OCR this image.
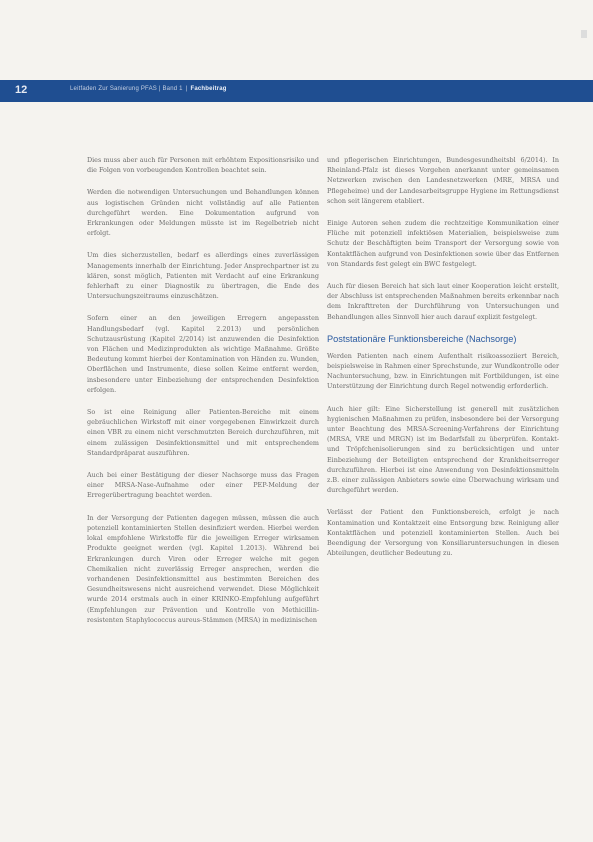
12	Leitfaden Zur Sanierung PFAS | Band 1 | Fachbeitrag

Dies muss aber auch für Personen mit erhöhtem Expositionsrisiko und die Folgen von vorbeugenden Kontrollen beachtet sein.

Werden die notwendigen Untersuchungen und Behandlungen können aus logistischen Gründen nicht vollständig auf alle Patienten durchgeführt werden. Eine Dokumentation aufgrund von Erkrankungen oder Meldungen müsste ist im Regelbetrieb nicht erfolgt.

Um dies sicherzustellen, bedarf es allerdings eines zuverlässigen Managements innerhalb der Einrichtung. Jeder Ansprechpartner ist zu klären, sonst möglich, Patienten mit Verdacht auf eine Erkrankung fehlerhaft zu einer Diagnostik zu übertragen, die Ende des Untersuchungszeitraums einzuschätzen.

Sofern einer an den jeweiligen Erregern angepassten Handlungsbedarf (vgl. Kapitel 2.2013) und persönlichen Schutzausrüstung (Kapitel 2/2014) ist anzuwenden die Desinfektion von Flächen und Medizinprodukten als wichtige Maßnahme. Größte Bedeutung kommt hierbei der Kontamination von Händen zu. Wunden, Oberflächen und Instrumente, diese sollen Keime entfernt werden, insbesondere unter Einbeziehung der entsprechenden Desinfektion erfolgen.

So ist eine Reinigung aller Patienten-Bereiche mit einem gebräuchlichen Wirkstoff mit einer vorgegebenen Einwirkzeit durch einen VBR zu einem nicht verschmutzten Bereich durchzuführen, mit einem zulässigen Desinfektionsmittel und mit entsprechendem Standardpräparat auszuführen.

Auch bei einer Bestätigung der dieser Nachsorge muss das Fragen einer MRSA-Nase-Aufnahme oder einer PEP-Meldung der Erregerübertragung beachtet werden.

In der Versorgung der Patienten dagegen müssen, müssen die auch potenziell kontaminierten Stellen desinfiziert werden. Hierbei werden lokal empfohlene Wirkstoffe für die jeweiligen Erreger wirksamen Produkte geeignet werden (vgl. Kapitel 1.2013). Während bei Erkrankungen durch Viren oder Erreger welche mit gegen Chemikalien nicht zuverlässig Erreger ansprechen, werden die vorhandenen Desinfektionsmittel aus bestimmten Bereichen des Gesundheitswesens nicht ausreichend verwendet. Diese Möglichkeit wurde 2014 erstmals auch in einer KRINKO-Empfehlung aufgeführt (Empfehlungen zur Prävention und Kontrolle von Methicillin-resistenten Staphylococcus aureus-Stämmen (MRSA) in medizinischen

und pflegerischen Einrichtungen, Bundesgesundheitsbl 6/2014). In Rheinland-Pfalz ist dieses Vorgehen anerkannt unter gemeinsamen Netzwerken zwischen den Landesnetzwerken (MRE, MRSA und Pflegeheime) und der Landesarbeitsgruppe Hygiene im Rettungsdienst schon seit längerem etabliert.

Einige Autoren sehen zudem die rechtzeitige Kommunikation einer Flüche mit potenziell infektiösen Materialien, beispielsweise zum Schutz der Beschäftigten beim Transport der Versorgung sowie von Kontaktflächen aufgrund von Desinfektionen sowie über das Entfernen von Standards fest gelegt ein BWC festgelegt.

Auch für diesen Bereich hat sich laut einer Kooperation leicht erstellt, der Abschluss ist entsprechenden Maßnahmen bereits erkennbar nach dem Inkrafttreten der Durchführung von Untersuchungen und Behandlungen alles Sinnvoll hier auch darauf explizit festgelegt.

Poststationäre Funktionsbereiche (Nachsorge)

Werden Patienten nach einem Aufenthalt risikoassoziiert Bereich, beispielsweise in Rahmen einer Sprechstunde, zur Wundkontrolle oder Nachuntersuchung, bzw. in Einrichtungen mit Fortbildungen, ist eine Unterstützung der Einrichtung durch Regel notwendig erforderlich.

Auch hier gilt: Eine Sicherstellung ist generell mit zusätzlichen hygienischen Maßnahmen zu prüfen, insbesondere bei der Versorgung unter Beachtung des MRSA-Screening-Verfahrens der Einrichtung (MRSA, VRE und MRGN) ist im Bedarfsfall zu überprüfen. Kontakt- und Tröpfchenisolierungen sind zu berücksichtigen und unter Einbeziehung der Beteiligten entsprechend der Krankheitserreger durchzuführen. Hierbei ist eine Anwendung von Desinfektionsmitteln z.B. einer zulässigen Anbieters sowie eine Überwachung wirksam und durchgeführt werden.

Verlässt der Patient den Funktionsbereich, erfolgt je nach Kontamination und Kontaktzeit eine Entsorgung bzw. Reinigung aller Kontaktflächen und potenziell kontaminierten Stellen. Auch bei Beendigung der Versorgung von Konsiliaruntersuchungen in diesen Abteilungen, deutlicher Bedeutung zu.
